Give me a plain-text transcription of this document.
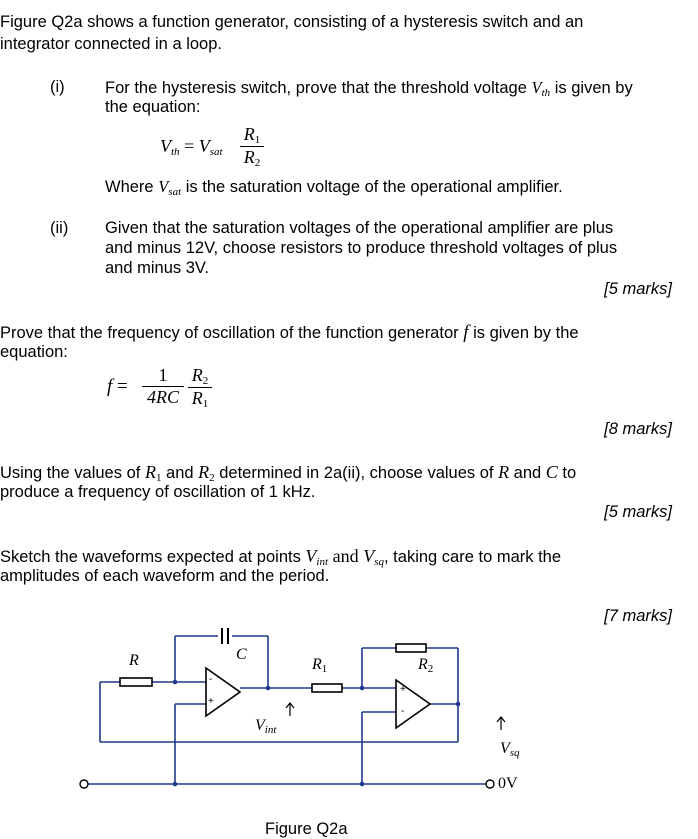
Figure Q2a shows a function generator, consisting of a hysteresis switch and an
integrator connected in a loop.
(i) For the hysteresis switch, prove that the threshold voltage $V_{th}$ is given by
the equation:
$V_{th} = V_{sat} \frac{R_1}{R_2}$
Where $V_{sat}$ is the saturation voltage of the operational amplifier.
(ii) Given that the saturation voltages of the operational amplifier are plus
and minus 12V, choose resistors to produce threshold voltages of plus
and minus 3V.
[5 marks]
Prove that the frequency of oscillation of the function generator f is given by the
equation:
$f = \frac{1}{4RC} \frac{R_2}{R_1}$
[8 marks]
Using the values of $R_1$ and $R_2$ determined in 2a(ii), choose values of R and C to
produce a frequency of oscillation of 1 kHz.
[5 marks]
Sketch the waveforms expected at points $V_{int}$ and $V_{sq}$, taking care to mark the
amplitudes of each waveform and the period.
[7 marks]
R	C
$R_1$	$R_2$
$V_{int}$
$V_{sq}$
0V
-
+
+
-
Figure Q2a
